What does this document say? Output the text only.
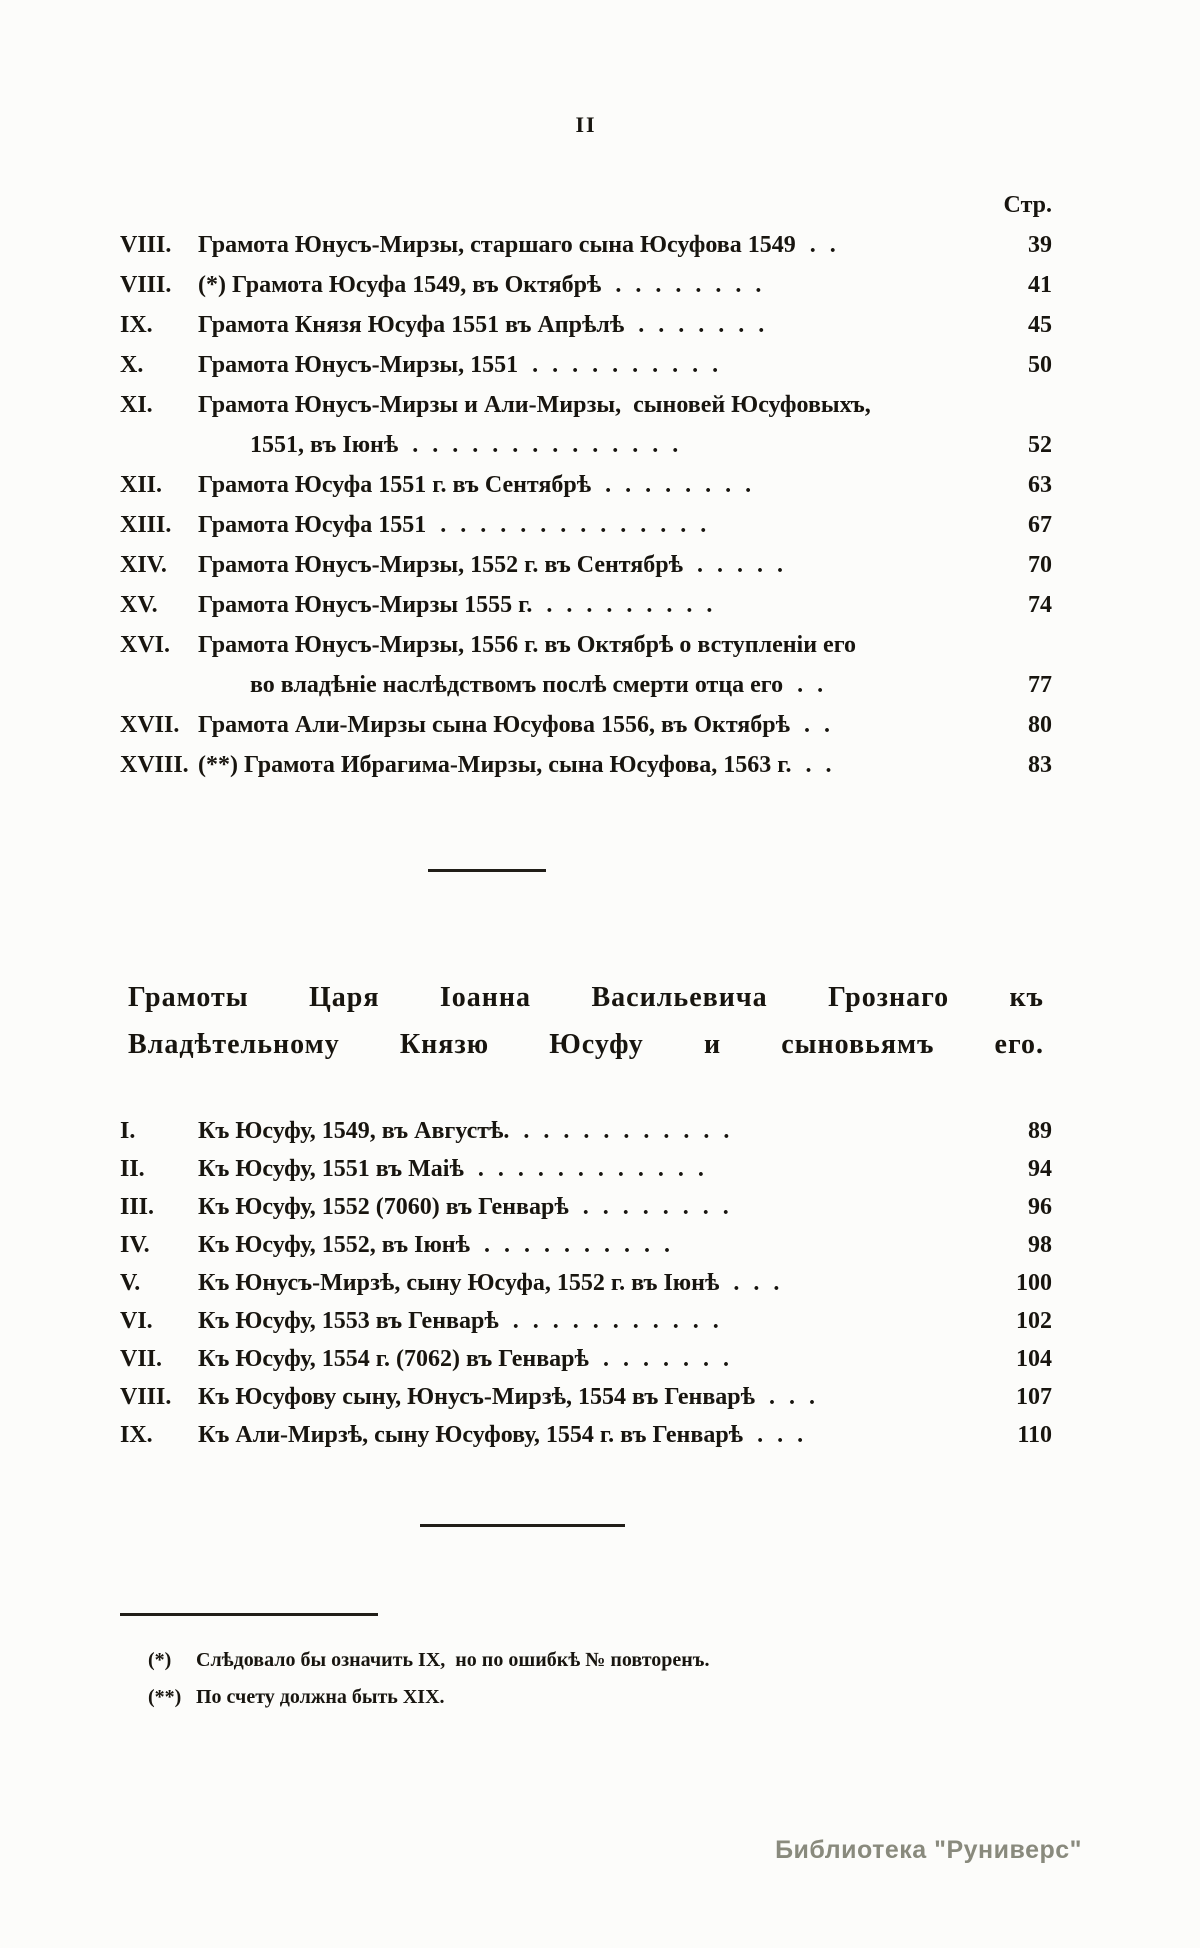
II
Стр.
VIII.	Грамота Юнусъ-Мирзы, старшаго сына Юсуфова 1549 . .	39
VIII.	(*) Грамота Юсуфа 1549, въ Октябрѣ . . . . . . . .	41
IX.	Грамота Князя Юсуфа 1551 въ Апрѣлѣ . . . . . . .	45
X.	Грамота Юнусъ-Мирзы, 1551 . . . . . . . . . .	50
XI.	Грамота Юнусъ-Мирзы и Али-Мирзы,  сыновей Юсуфовыхъ,
1551, въ Іюнѣ . . . . . . . . . . . . . .	52
XII.	Грамота Юсуфа 1551 г. въ Сентябрѣ . . . . . . . .	63
XIII.	Грамота Юсуфа 1551 . . . . . . . . . . . . . .	67
XIV.	Грамота Юнусъ-Мирзы, 1552 г. въ Сентябрѣ . . . . .	70
XV.	Грамота Юнусъ-Мирзы 1555 г. . . . . . . . . .	74
XVI.	Грамота Юнусъ-Мирзы, 1556 г. въ Октябрѣ о вступленіи его
во владѣніе наслѣдствомъ послѣ смерти отца его . .	77
XVII. Грамота Али-Мирзы сына Юсуфова 1556, въ Октябрѣ . .	80
XVIII. (**) Грамота Ибрагима-Мирзы, сына Юсуфова, 1563 г. . .	83
Грамоты Царя Іоанна Васильевича Грознаго къ
Владѣтельному Князю Юсуфу и сыновьямъ его.
I.	Къ Юсуфу, 1549, въ Августѣ. . . . . . . . . . . .	89
II.	Къ Юсуфу, 1551 въ Маіѣ . . . . . . . . . . . .	94
III.	Къ Юсуфу, 1552 (7060) въ Генварѣ . . . . . . . .	96
IV.	Къ Юсуфу, 1552, въ Іюнѣ . . . . . . . . . .	98
V.	Къ Юнусъ-Мирзѣ, сыну Юсуфа, 1552 г. въ Іюнѣ . . .	100
VI.	Къ Юсуфу, 1553 въ Генварѣ . . . . . . . . . . .	102
VII.	Къ Юсуфу, 1554 г. (7062) въ Генварѣ . . . . . . .	104
VIII.	Къ Юсуфову сыну, Юнусъ-Мирзѣ, 1554 въ Генварѣ . . .	107
IX.	Къ Али-Мирзѣ, сыну Юсуфову, 1554 г. въ Генварѣ . . .	110
(*)	Слѣдовало бы означить IX,  но по ошибкѣ № повторенъ.
(**) По счету должна быть XIX.
Библиотека "Руниверс"
